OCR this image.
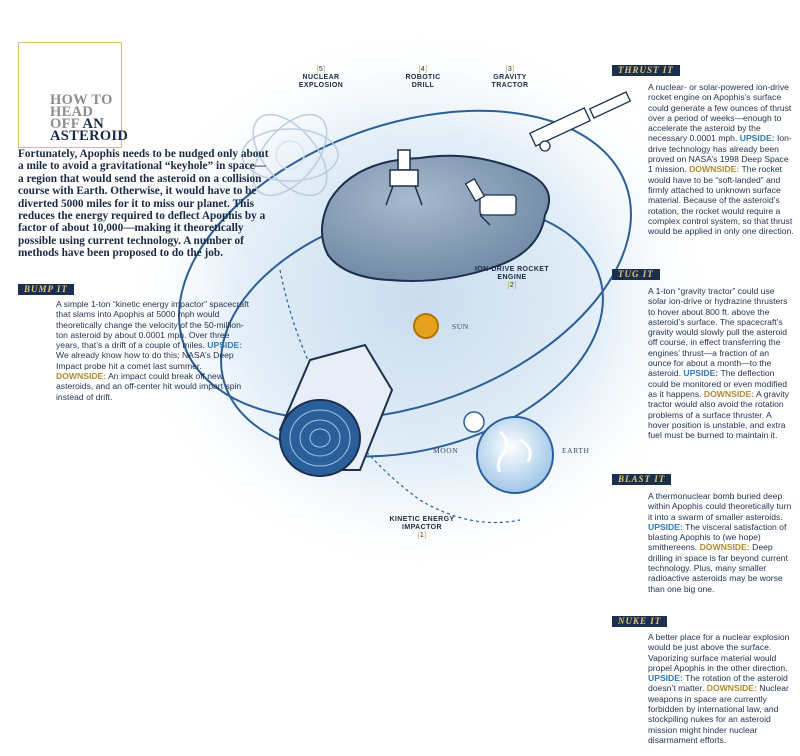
HOW TO
HEAD
OFF AN
ASTEROID
Fortunately, Apophis needs to be nudged only about a mile to avoid a gravitational “keyhole” in space—a region that would send the asteroid on a collision course with Earth. Otherwise, it would have to be diverted 5000 miles for it to miss our planet. This reduces the energy required to deflect Apophis by a factor of about 10,000—making it theoretically possible using current technology. A number of methods have been proposed to do the job.
BUMP IT
A simple 1-ton “kinetic energy impactor” spacecraft that slams into Apophis at 5000 mph would theoretically change the velocity of the 50-million-ton asteroid by about 0.0001 mph. Over three years, that’s a drift of a couple of miles. UPSIDE: We already know how to do this; NASA’s Deep Impact probe hit a comet last summer. DOWNSIDE: An impact could break off new asteroids, and an off-center hit would impart spin instead of drift.
THRUST IT
A nuclear- or solar-powered ion-drive rocket engine on Apophis’s surface could generate a few ounces of thrust over a period of weeks—enough to accelerate the asteroid by the necessary 0.0001 mph. UPSIDE: Ion-drive technology has already been proved on NASA’s 1998 Deep Space 1 mission. DOWNSIDE: The rocket would have to be “soft-landed” and firmly attached to unknown surface material. Because of the asteroid’s rotation, the rocket would require a complex control system, so that thrust would be applied in only one direction.
TUG IT
A 1-ton “gravity tractor” could use solar ion-drive or hydrazine thrusters to hover about 800 ft. above the asteroid’s surface. The spacecraft’s gravity would slowly pull the asteroid off course, in effect transferring the engines’ thrust—a fraction of an ounce for about a month—to the asteroid. UPSIDE: The deflection could be monitored or even modified as it happens. DOWNSIDE: A gravity tractor would also avoid the rotation problems of a surface thruster. A hover position is unstable, and extra fuel must be burned to maintain it.
BLAST IT
A thermonuclear bomb buried deep within Apophis could theoretically turn it into a swarm of smaller asteroids. UPSIDE: The visceral satisfaction of blasting Apophis to (we hope) smithereens. DOWNSIDE: Deep drilling in space is far beyond current technology. Plus, many smaller radioactive asteroids may be worse than one big one.
NUKE IT
A better place for a nuclear explosion would be just above the surface. Vaporizing surface material would propel Apophis in the other direction. UPSIDE: The rotation of the asteroid doesn’t matter. DOWNSIDE: Nuclear weapons in space are currently forbidden by international law, and stockpiling nukes for an asteroid mission might hinder nuclear disarmament efforts.
[5]
NUCLEAR EXPLOSION
[4]
ROBOTIC DRILL
[3]
GRAVITY TRACTOR
ION-DRIVE ROCKET ENGINE
[2]
KINETIC ENERGY IMPACTOR
[1]
SUN
MOON	EARTH
